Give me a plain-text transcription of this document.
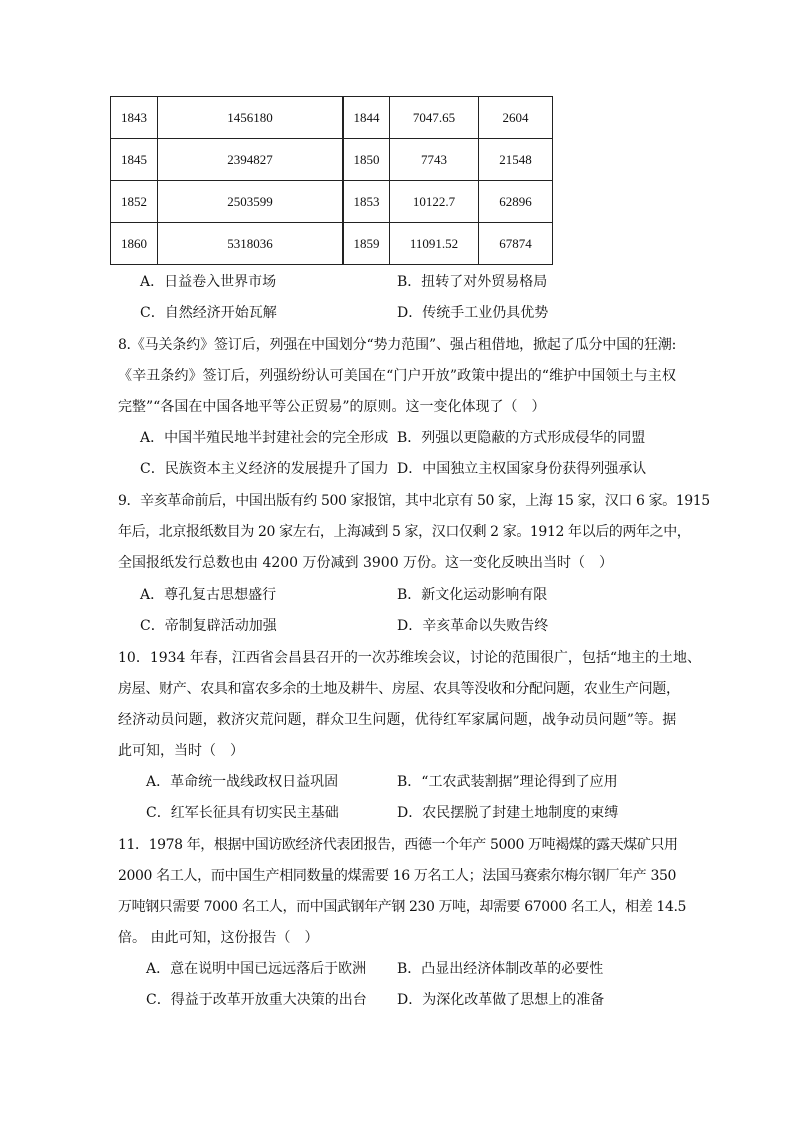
1843	1456180	1844	7047.65	2604
1845	2394827	1850	7743	21548
1852	2503599	1853	10122.7	62896
1860	5318036	1859	11091.52	67874
A．日益卷入世界市场	B．扭转了对外贸易格局
C．自然经济开始瓦解	D．传统手工业仍具优势
8.《马关条约》签订后，列强在中国划分“势力范围”、强占租借地，掀起了瓜分中国的狂潮:
《辛丑条约》签订后，列强纷纷认可美国在“门户开放”政策中提出的“维护中国领土与主权
完整”“各国在中国各地平等公正贸易”的原则。这一变化体现了（　）
A．中国半殖民地半封建社会的完全形成 B．列强以更隐蔽的方式形成侵华的同盟
C．民族资本主义经济的发展提升了国力 D．中国独立主权国家身份获得列强承认
9．辛亥革命前后，中国出版有约 500 家报馆，其中北京有 50 家，上海 15 家，汉口 6 家。1915
年后，北京报纸数目为 20 家左右，上海减到 5 家，汉口仅剩 2 家。1912 年以后的两年之中，
全国报纸发行总数也由 4200 万份减到 3900 万份。这一变化反映出当时（　）
A．尊孔复古思想盛行	B．新文化运动影响有限
C．帝制复辟活动加强	D．辛亥革命以失败告终
10．1934 年春，江西省会昌县召开的一次苏维埃会议，讨论的范围很广，包括“地主的土地、
房屋、财产、农具和富农多余的土地及耕牛、房屋、农具等没收和分配问题，农业生产问题，
经济动员问题，救济灾荒问题，群众卫生问题，优待红军家属问题，战争动员问题”等。据
此可知，当时（　）
A．革命统一战线政权日益巩固	B．“工农武装割据”理论得到了应用
C．红军长征具有切实民主基础	D．农民摆脱了封建土地制度的束缚
11．1978 年，根据中国访欧经济代表团报告，西德一个年产 5000 万吨褐煤的露天煤矿只用
2000 名工人，而中国生产相同数量的煤需要 16 万名工人；法国马赛索尔梅尔钢厂年产 350
万吨钢只需要 7000 名工人，而中国武钢年产钢 230 万吨，却需要 67000 名工人，相差 14.5
倍。 由此可知，这份报告（　）
A．意在说明中国已远远落后于欧洲 B．凸显出经济体制改革的必要性
C．得益于改革开放重大决策的出台 D．为深化改革做了思想上的准备
